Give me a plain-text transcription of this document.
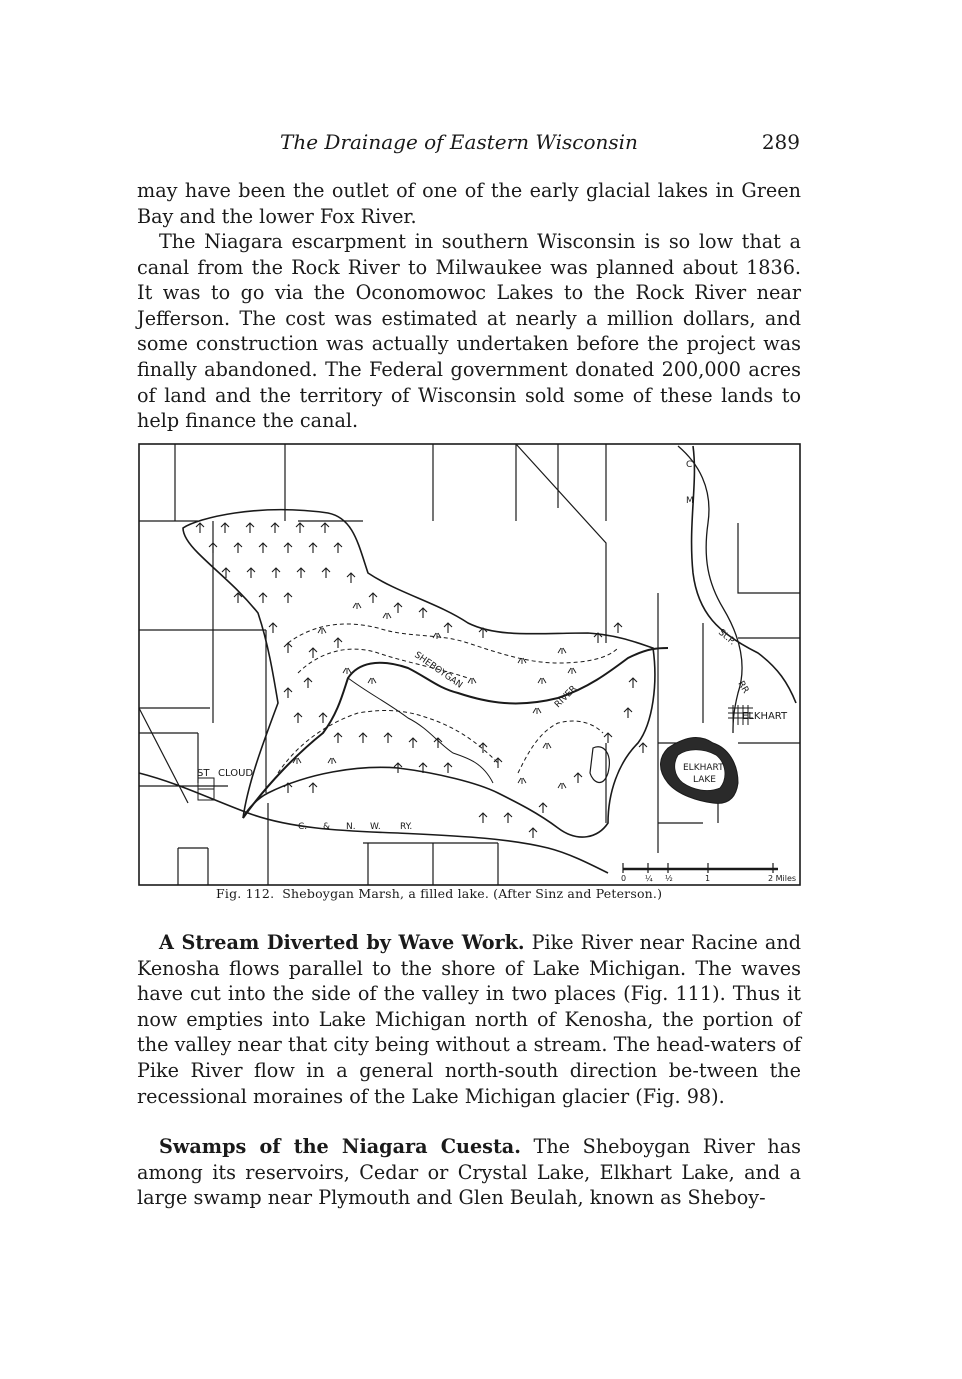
The Drainage of Eastern Wisconsin	289

may have been the outlet of one of the early glacial lakes in Green Bay and the lower Fox River.

The Niagara escarpment in southern Wisconsin is so low that a canal from the Rock River to Milwaukee was planned about 1836. It was to go via the Oconomowoc Lakes to the Rock River near Jefferson. The cost was estimated at nearly a million dollars, and some construction was actually undertaken before the project was finally abandoned. The Federal government donated 200,000 acres of land and the territory of Wisconsin sold some of these lands to help finance the canal.

ST CLOUD
ELKHART
ELKHART
LAKE
SHEBOYGAN
RIVER
C. & N. W. RY.
C
M
St.P.
RR
0 ¼ ½	1	2 Miles
Fig. 112. Sheboygan Marsh, a filled lake. (After Sinz and Peterson.)

A Stream Diverted by Wave Work. Pike River near Racine and Kenosha flows parallel to the shore of Lake Michigan. The waves have cut into the side of the valley in two places (Fig. 111). Thus it now empties into Lake Michigan north of Kenosha, the portion of the valley near that city being without a stream. The head-waters of Pike River flow in a general north-south direction be-tween the recessional moraines of the Lake Michigan glacier (Fig. 98).

Swamps of the Niagara Cuesta. The Sheboygan River has among its reservoirs, Cedar or Crystal Lake, Elkhart Lake, and a large swamp near Plymouth and Glen Beulah, known as Sheboy-
